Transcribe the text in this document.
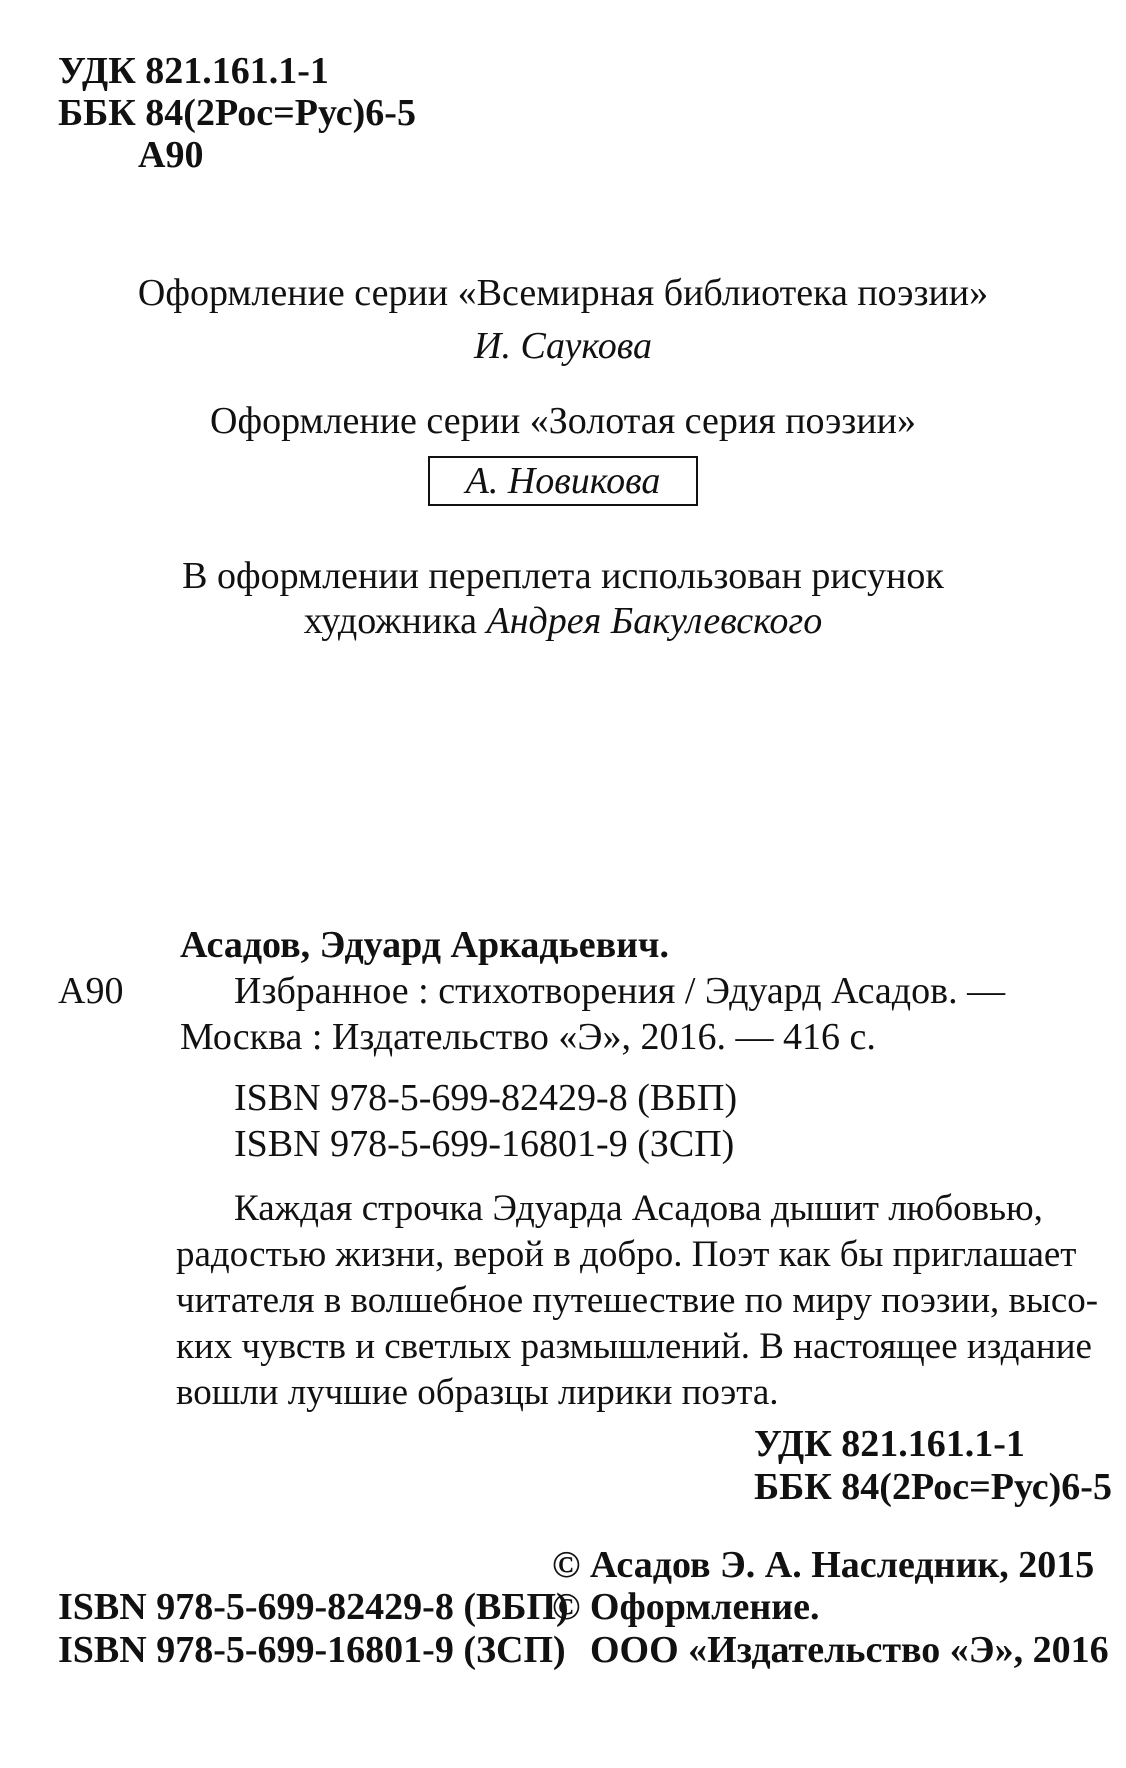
УДК 821.161.1-1
ББК 84(2Рос=Рус)6-5
А90
Оформление серии «Всемирная библиотека поэзии»
И. Саукова
Оформление серии «Золотая серия поэзии»
А. Новикова
В оформлении переплета использован рисунок
художника Андрея Бакулевского
Асадов, Эдуард Аркадьевич.
А90	Избранное : стихотворения / Эдуард Асадов. —
Москва : Издательство «Э», 2016. — 416 с.
ISBN 978-5-699-82429-8 (ВБП)
ISBN 978-5-699-16801-9 (ЗСП)
Каждая строчка Эдуарда Асадова дышит любовью,
радостью жизни, верой в добро. Поэт как бы приглашает
читателя в волшебное путешествие по миру поэзии, высо-
ких чувств и светлых размышлений. В настоящее издание
вошли лучшие образцы лирики поэта.
УДК 821.161.1-1
ББК 84(2Рос=Рус)6-5
ISBN 978-5-699-82429-8 (ВБП)
ISBN 978-5-699-16801-9 (ЗСП)
© Асадов Э. А. Наследник, 2015
© Оформление.
ООО «Издательство «Э», 2016
